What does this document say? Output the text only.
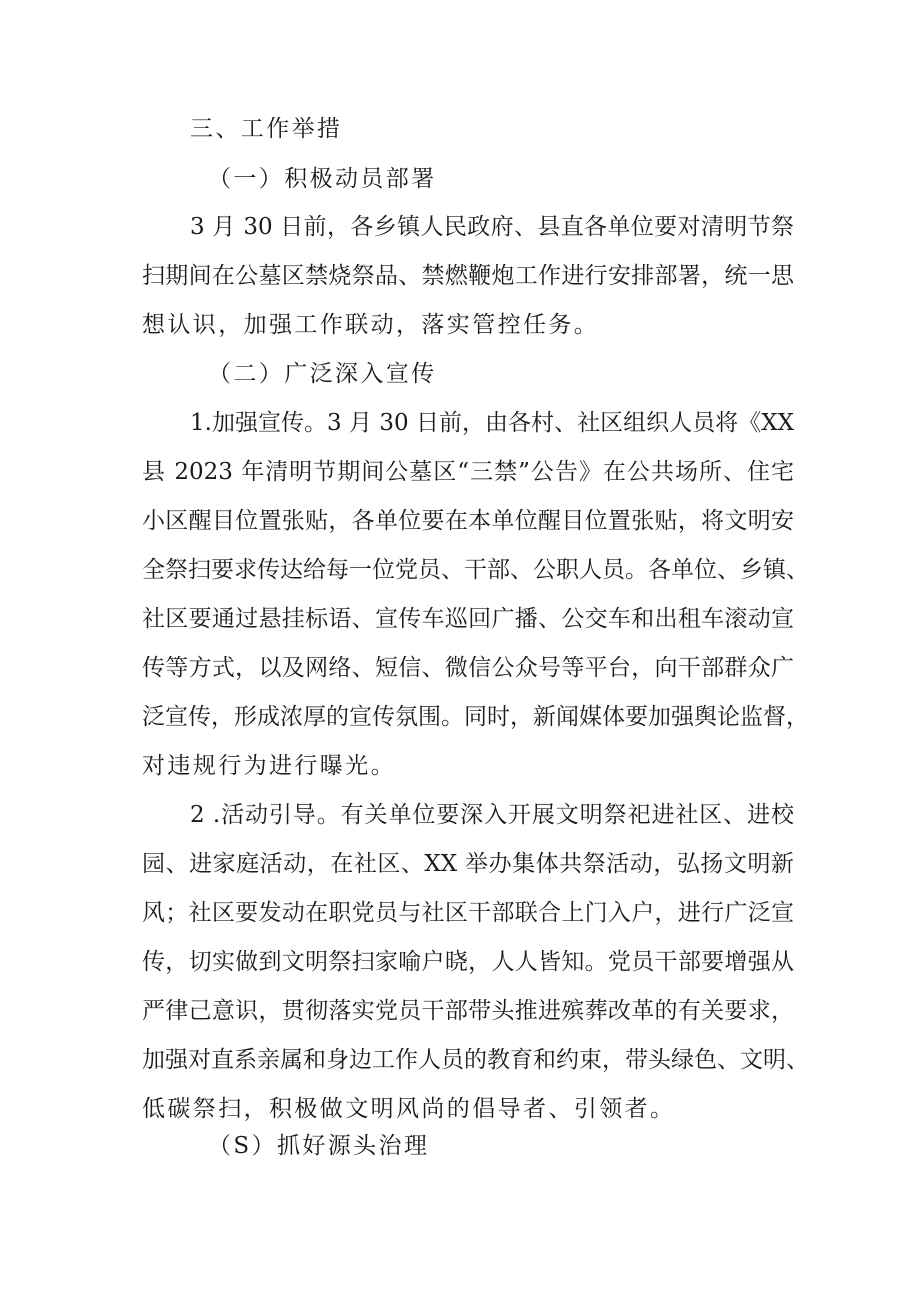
三、工作举措
（一）积极动员部署
3 月 30 日前，各乡镇人民政府、县直各单位要对清明节祭
扫期间在公墓区禁烧祭品、禁燃鞭炮工作进行安排部署，统一思
想认识，加强工作联动，落实管控任务。
（二）广泛深入宣传
1.加强宣传。3 月 30 日前，由各村、社区组织人员将《XX
县 2023 年清明节期间公墓区“三禁”公告》在公共场所、住宅
小区醒目位置张贴，各单位要在本单位醒目位置张贴，将文明安
全祭扫要求传达给每一位党员、干部、公职人员。各单位、乡镇、
社区要通过悬挂标语、宣传车巡回广播、公交车和出租车滚动宣
传等方式，以及网络、短信、微信公众号等平台，向干部群众广
泛宣传，形成浓厚的宣传氛围。同时，新闻媒体要加强舆论监督，
对违规行为进行曝光。
2 .活动引导。有关单位要深入开展文明祭祀进社区、进校
园、进家庭活动，在社区、XX 举办集体共祭活动，弘扬文明新
风；社区要发动在职党员与社区干部联合上门入户，进行广泛宣
传，切实做到文明祭扫家喻户晓，人人皆知。党员干部要增强从
严律己意识，贯彻落实党员干部带头推进殡葬改革的有关要求，
加强对直系亲属和身边工作人员的教育和约束，带头绿色、文明、
低碳祭扫，积极做文明风尚的倡导者、引领者。
（S）抓好源头治理
